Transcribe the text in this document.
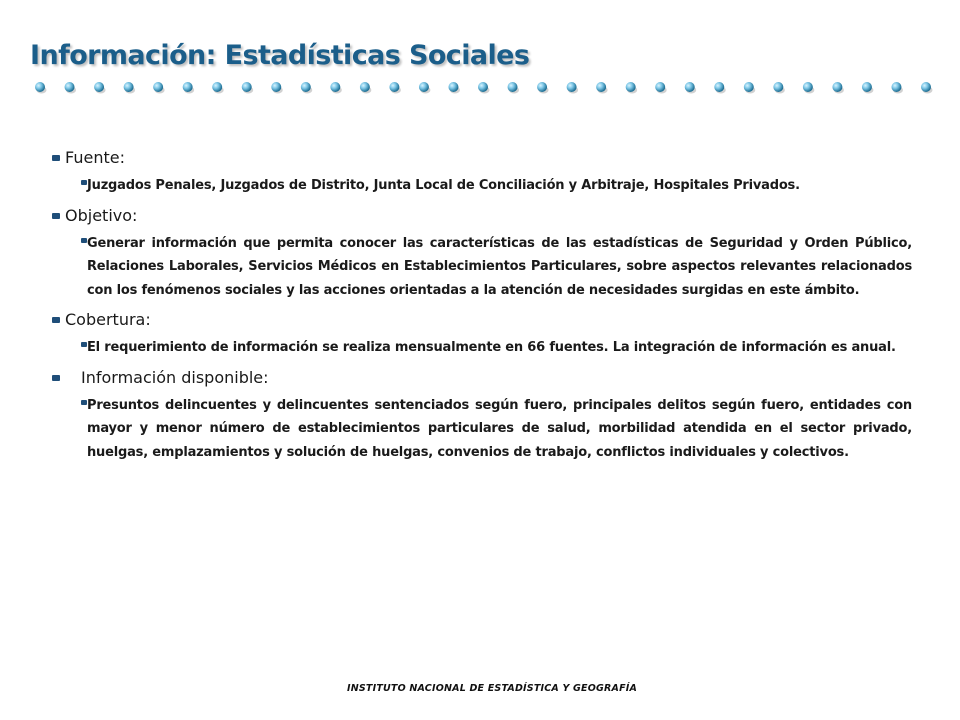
Información: Estadísticas Sociales
Fuente:

Juzgados Penales, Juzgados de Distrito, Junta Local de Conciliación y Arbitraje, Hospitales Privados.

Objetivo:

Generar información que permita conocer las características de las estadísticas de Seguridad y Orden Público, Relaciones Laborales, Servicios Médicos en Establecimientos Particulares, sobre aspectos relevantes relacionados con los fenómenos sociales y las acciones orientadas a la atención de necesidades surgidas en este ámbito.

Cobertura:

El requerimiento de información se realiza mensualmente en 66 fuentes. La integración de información es anual.

Información disponible:

Presuntos delincuentes y delincuentes sentenciados según fuero, principales delitos según fuero, entidades con mayor y menor número de establecimientos particulares de salud, morbilidad atendida en el sector privado, huelgas, emplazamientos y solución de huelgas, convenios de trabajo, conflictos individuales y colectivos.

INSTITUTO NACIONAL DE ESTADÍSTICA Y GEOGRAFÍA
